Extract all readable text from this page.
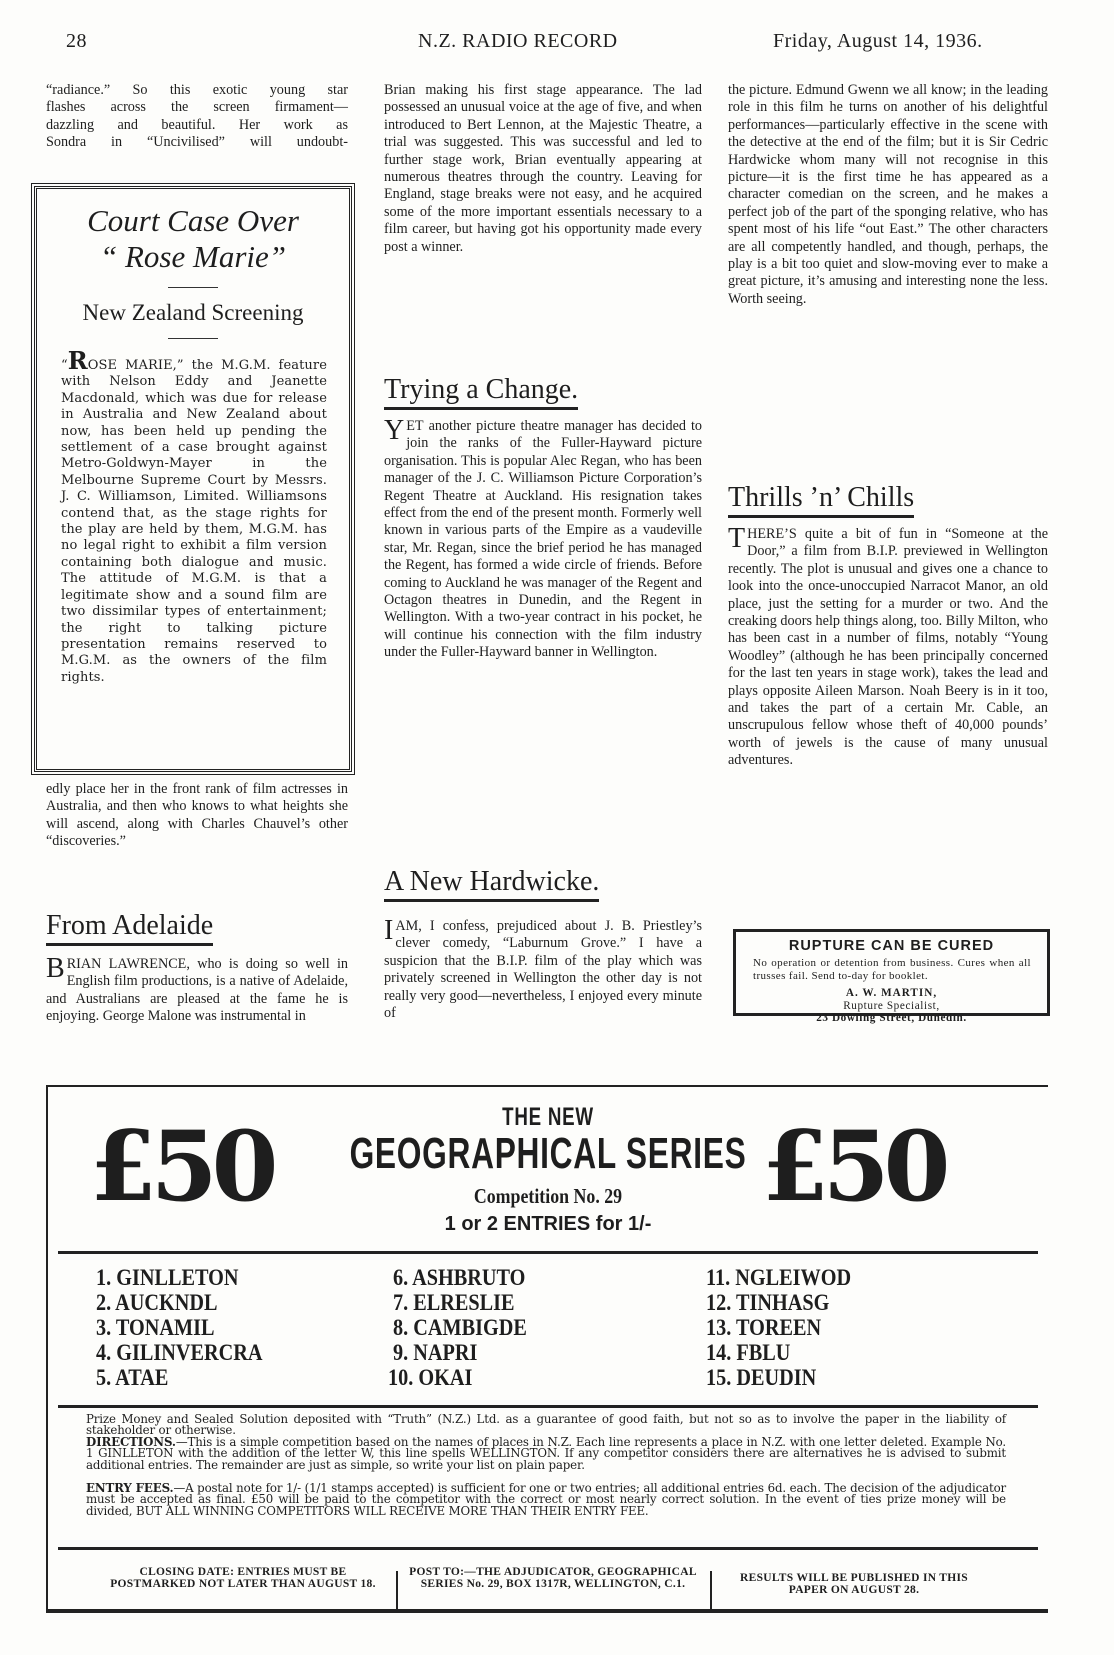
28	N.Z. RADIO RECORD	Friday, August 14, 1936.
“radiance.” So this exotic young star
flashes across the screen firmament—
dazzling and beautiful. Her work as
Sondra in “Uncivilised” will undoubt-
Court Case Over
“ Rose Marie”
New Zealand Screening
“ROSE MARIE,” the M.G.M. feature with Nelson Eddy and Jeanette Macdonald, which was due for release in Australia and New Zealand about now, has been held up pending the settlement of a case brought against Metro-Goldwyn-Mayer in the Melbourne Supreme Court by Messrs. J. C. Williamson, Limited. Williamsons contend that, as the stage rights for the play are held by them, M.G.M. has no legal right to exhibit a film version containing both dialogue and music. The attitude of M.G.M. is that a legitimate show and a sound film are two dissimilar types of entertainment; the right to talking picture presentation remains reserved to M.G.M. as the owners of the film rights.

edly place her in the front rank of film actresses in Australia, and then who knows to what heights she will ascend, along with Charles Chauvel’s other “discoveries.”

From Adelaide

BRIAN LAWRENCE, who is doing so well in English film productions, is a native of Adelaide, and Australians are pleased at the fame he is enjoying. George Malone was instrumental in

Brian making his first stage appearance. The lad possessed an unusual voice at the age of five, and when introduced to Bert Lennon, at the Majestic Theatre, a trial was suggested. This was successful and led to further stage work, Brian eventually appearing at numerous theatres through the country. Leaving for England, stage breaks were not easy, and he acquired some of the more important essentials necessary to a film career, but having got his opportunity made every post a winner.

Trying a Change.

YET another picture theatre manager has decided to join the ranks of the Fuller-Hayward picture organisation. This is popular Alec Regan, who has been manager of the J. C. Williamson Picture Corporation’s Regent Theatre at Auckland. His resignation takes effect from the end of the present month. Formerly well known in various parts of the Empire as a vaudeville star, Mr. Regan, since the brief period he has managed the Regent, has formed a wide circle of friends. Before coming to Auckland he was manager of the Regent and Octagon theatres in Dunedin, and the Regent in Wellington. With a two-year contract in his pocket, he will continue his connection with the film industry under the Fuller-Hayward banner in Wellington.

A New Hardwicke.

I AM, I confess, prejudiced about J. B. Priestley’s clever comedy, “Laburnum Grove.” I have a suspicion that the B.I.P. film of the play which was privately screened in Wellington the other day is not really very good—nevertheless, I enjoyed every minute of

the picture. Edmund Gwenn we all know; in the leading role in this film he turns on another of his delightful performances—particularly effective in the scene with the detective at the end of the film; but it is Sir Cedric Hardwicke whom many will not recognise in this picture—it is the first time he has appeared as a character comedian on the screen, and he makes a perfect job of the part of the sponging relative, who has spent most of his life “out East.” The other characters are all competently handled, and though, perhaps, the play is a bit too quiet and slow-moving ever to make a great picture, it’s amusing and interesting none the less. Worth seeing.

Thrills ’n’ Chills

THERE’S quite a bit of fun in “Someone at the Door,” a film from B.I.P. previewed in Wellington recently. The plot is unusual and gives one a chance to look into the once-unoccupied Narracot Manor, an old place, just the setting for a murder or two. And the creaking doors help things along, too. Billy Milton, who has been cast in a number of films, notably “Young Woodley” (although he has been principally concerned for the last ten years in stage work), takes the lead and plays opposite Aileen Marson. Noah Beery is in it too, and takes the part of a certain Mr. Cable, an unscrupulous fellow whose theft of 40,000 pounds’ worth of jewels is the cause of many unusual adventures.

RUPTURE CAN BE CURED
No operation or detention from business. Cures when all trusses fail. Send to-day for booklet.
A. W. MARTIN,
Rupture Specialist,
23 Dowling Street, Dunedin.
£50	£50
THE NEW
GEOGRAPHICAL SERIES
Competition No. 29
1 or 2 ENTRIES for 1/-
1. GINLLETON
2. AUCKNDL
3. TONAMIL
4. GILINVERCRA
5. ATAE
6. ASHBRUTO
7. ELRESLIE
8. CAMBIGDE
9. NAPRI
10. OKAI
11. NGLEIWOD
12. TINHASG
13. TOREEN
14. FBLU
15. DEUDIN
Prize Money and Sealed Solution deposited with “Truth” (N.Z.) Ltd. as a guarantee of good faith, but not so as to involve the paper in the liability of stakeholder or otherwise.
DIRECTIONS.—This is a simple competition based on the names of places in N.Z. Each line represents a place in N.Z. with one letter deleted. Example No. 1 GINLLETON with the addition of the letter W, this line spells WELLINGTON. If any competitor considers there are alternatives he is advised to submit additional entries. The remainder are just as simple, so write your list on plain paper.
ENTRY FEES.—A postal note for 1/- (1/1 stamps accepted) is sufficient for one or two entries; all additional entries 6d. each. The decision of the adjudicator must be accepted as final. £50 will be paid to the competitor with the correct or most nearly correct solution. In the event of ties prize money will be divided, BUT ALL WINNING COMPETITORS WILL RECEIVE MORE THAN THEIR ENTRY FEE.
CLOSING DATE: ENTRIES MUST BE POSTMARKED NOT LATER THAN AUGUST 18.
POST TO:—THE ADJUDICATOR, GEOGRAPHICAL SERIES No. 29, BOX 1317R, WELLINGTON, C.1.	RESULTS WILL BE PUBLISHED IN THIS PAPER ON AUGUST 28.
